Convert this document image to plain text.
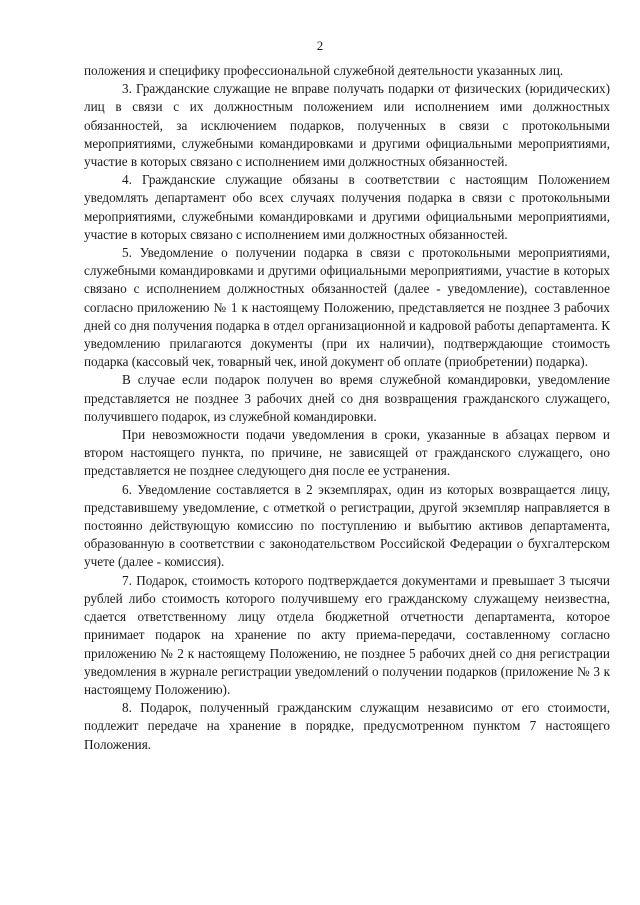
2

положения и специфику профессиональной служебной деятельности указанных лиц.

3. Гражданские служащие не вправе получать подарки от физических (юридических) лиц в связи с их должностным положением или исполнением ими должностных обязанностей, за исключением подарков, полученных в связи с протокольными мероприятиями, служебными командировками и другими официальными мероприятиями, участие в которых связано с исполнением ими должностных обязанностей.

4. Гражданские служащие обязаны в соответствии с настоящим Положением уведомлять департамент обо всех случаях получения подарка в связи с протокольными мероприятиями, служебными командировками и другими официальными мероприятиями, участие в которых связано с исполнением ими должностных обязанностей.

5. Уведомление о получении подарка в связи с протокольными мероприятиями, служебными командировками и другими официальными мероприятиями, участие в которых связано с исполнением должностных обязанностей (далее - уведомление), составленное согласно приложению № 1 к настоящему Положению, представляется не позднее 3 рабочих дней со дня получения подарка в отдел организационной и кадровой работы департамента. К уведомлению прилагаются документы (при их наличии), подтверждающие стоимость подарка (кассовый чек, товарный чек, иной документ об оплате (приобретении) подарка).

В случае если подарок получен во время служебной командировки, уведомление представляется не позднее 3 рабочих дней со дня возвращения гражданского служащего, получившего подарок, из служебной командировки.

При невозможности подачи уведомления в сроки, указанные в абзацах первом и втором настоящего пункта, по причине, не зависящей от гражданского служащего, оно представляется не позднее следующего дня после ее устранения.

6. Уведомление составляется в 2 экземплярах, один из которых возвращается лицу, представившему уведомление, с отметкой о регистрации, другой экземпляр направляется в постоянно действующую комиссию по поступлению и выбытию активов департамента, образованную в соответствии с законодательством Российской Федерации о бухгалтерском учете (далее - комиссия).

7. Подарок, стоимость которого подтверждается документами и превышает 3 тысячи рублей либо стоимость которого получившему его гражданскому служащему неизвестна, сдается ответственному лицу отдела бюджетной отчетности департамента, которое принимает подарок на хранение по акту приема-передачи, составленному согласно приложению № 2 к настоящему Положению, не позднее 5 рабочих дней со дня регистрации уведомления в журнале регистрации уведомлений о получении подарков (приложение № 3 к настоящему Положению).

8. Подарок, полученный гражданским служащим независимо от его стоимости, подлежит передаче на хранение в порядке, предусмотренном пунктом 7 настоящего Положения.
